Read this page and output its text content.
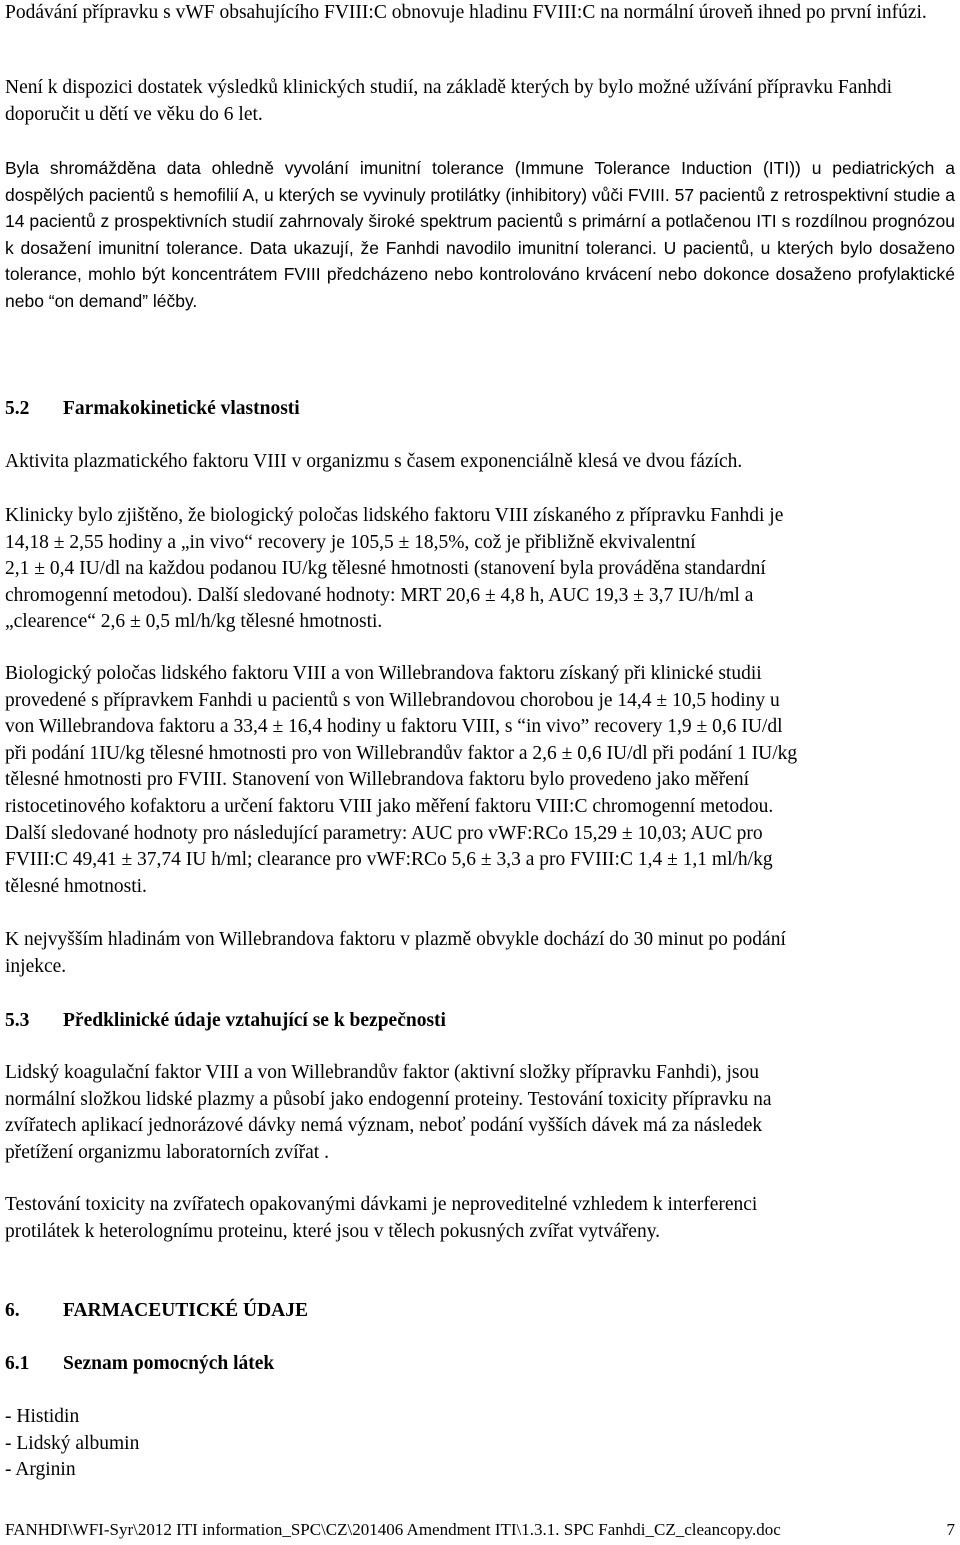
Podávání přípravku s vWF obsahujícího FVIII:C obnovuje hladinu FVIII:C na normální úroveň ihned po první infúzi.

Není k dispozici dostatek výsledků klinických studií, na základě kterých by bylo možné užívání přípravku Fanhdi doporučit u dětí ve věku do 6 let.

Byla shromážděna data ohledně vyvolání imunitní tolerance (Immune Tolerance Induction (ITI)) u pediatrických a dospělých pacientů s hemofilií A, u kterých se vyvinuly protilátky (inhibitory) vůči FVIII. 57 pacientů z retrospektivní studie a 14 pacientů z prospektivních studií zahrnovaly široké spektrum pacientů s primární a potlačenou ITI s rozdílnou prognózou k dosažení imunitní tolerance. Data ukazují, že Fanhdi navodilo imunitní toleranci. U pacientů, u kterých bylo dosaženo tolerance, mohlo být koncentrátem FVIII předcházeno nebo kontrolováno krvácení nebo dokonce dosaženo profylaktické nebo “on demand” léčby.

5.2 Farmakokinetické vlastnosti

Aktivita plazmatického faktoru VIII v organizmu s časem exponenciálně klesá ve dvou fázích.

Klinicky bylo zjištěno, že biologický poločas lidského faktoru VIII získaného z přípravku Fanhdi je
14,18 ± 2,55 hodiny a „in vivo“ recovery je 105,5 ± 18,5%, což je přibližně ekvivalentní
2,1 ± 0,4 IU/dl na každou podanou IU/kg tělesné hmotnosti (stanovení byla prováděna standardní
chromogenní metodou). Další sledované hodnoty: MRT 20,6 ± 4,8 h, AUC 19,3 ± 3,7 IU/h/ml a
„clearence“ 2,6 ± 0,5 ml/h/kg tělesné hmotnosti.
Biologický poločas lidského faktoru VIII a von Willebrandova faktoru získaný při klinické studii
provedené s přípravkem Fanhdi u pacientů s von Willebrandovou chorobou je 14,4 ± 10,5 hodiny u
von Willebrandova faktoru a 33,4 ± 16,4 hodiny u faktoru VIII, s “in vivo” recovery 1,9 ± 0,6 IU/dl
při podání 1IU/kg tělesné hmotnosti pro von Willebrandův faktor a 2,6 ± 0,6 IU/dl při podání 1 IU/kg
tělesné hmotnosti pro FVIII. Stanovení von Willebrandova faktoru bylo provedeno jako měření
ristocetinového kofaktoru a určení faktoru VIII jako měření faktoru VIII:C chromogenní metodou.
Další sledované hodnoty pro následující parametry: AUC pro vWF:RCo 15,29 ± 10,03; AUC pro
FVIII:C 49,41 ± 37,74 IU h/ml; clearance pro vWF:RCo 5,6 ± 3,3 a pro FVIII:C 1,4 ± 1,1 ml/h/kg
tělesné hmotnosti.
K nejvyšším hladinám von Willebrandova faktoru v plazmě obvykle dochází do 30 minut po podání
injekce.
5.3 Předklinické údaje vztahující se k bezpečnosti
Lidský koagulační faktor VIII a von Willebrandův faktor (aktivní složky přípravku Fanhdi), jsou
normální složkou lidské plazmy a působí jako endogenní proteiny. Testování toxicity přípravku na
zvířatech aplikací jednorázové dávky nemá význam, neboť podání vyšších dávek má za následek
přetížení organizmu laboratorních zvířat .
Testování toxicity na zvířatech opakovanými dávkami je neproveditelné vzhledem k interferenci
protilátek k heterolognímu proteinu, které jsou v tělech pokusných zvířat vytvářeny.
6. FARMACEUTICKÉ ÚDAJE
6.1 Seznam pomocných látek
- Histidin
- Lidský albumin
- Arginin
FANHDI\WFI-Syr\2012 ITI information_SPC\CZ\201406 Amendment ITI\1.3.1. SPC Fanhdi_CZ_cleancopy.doc	7
